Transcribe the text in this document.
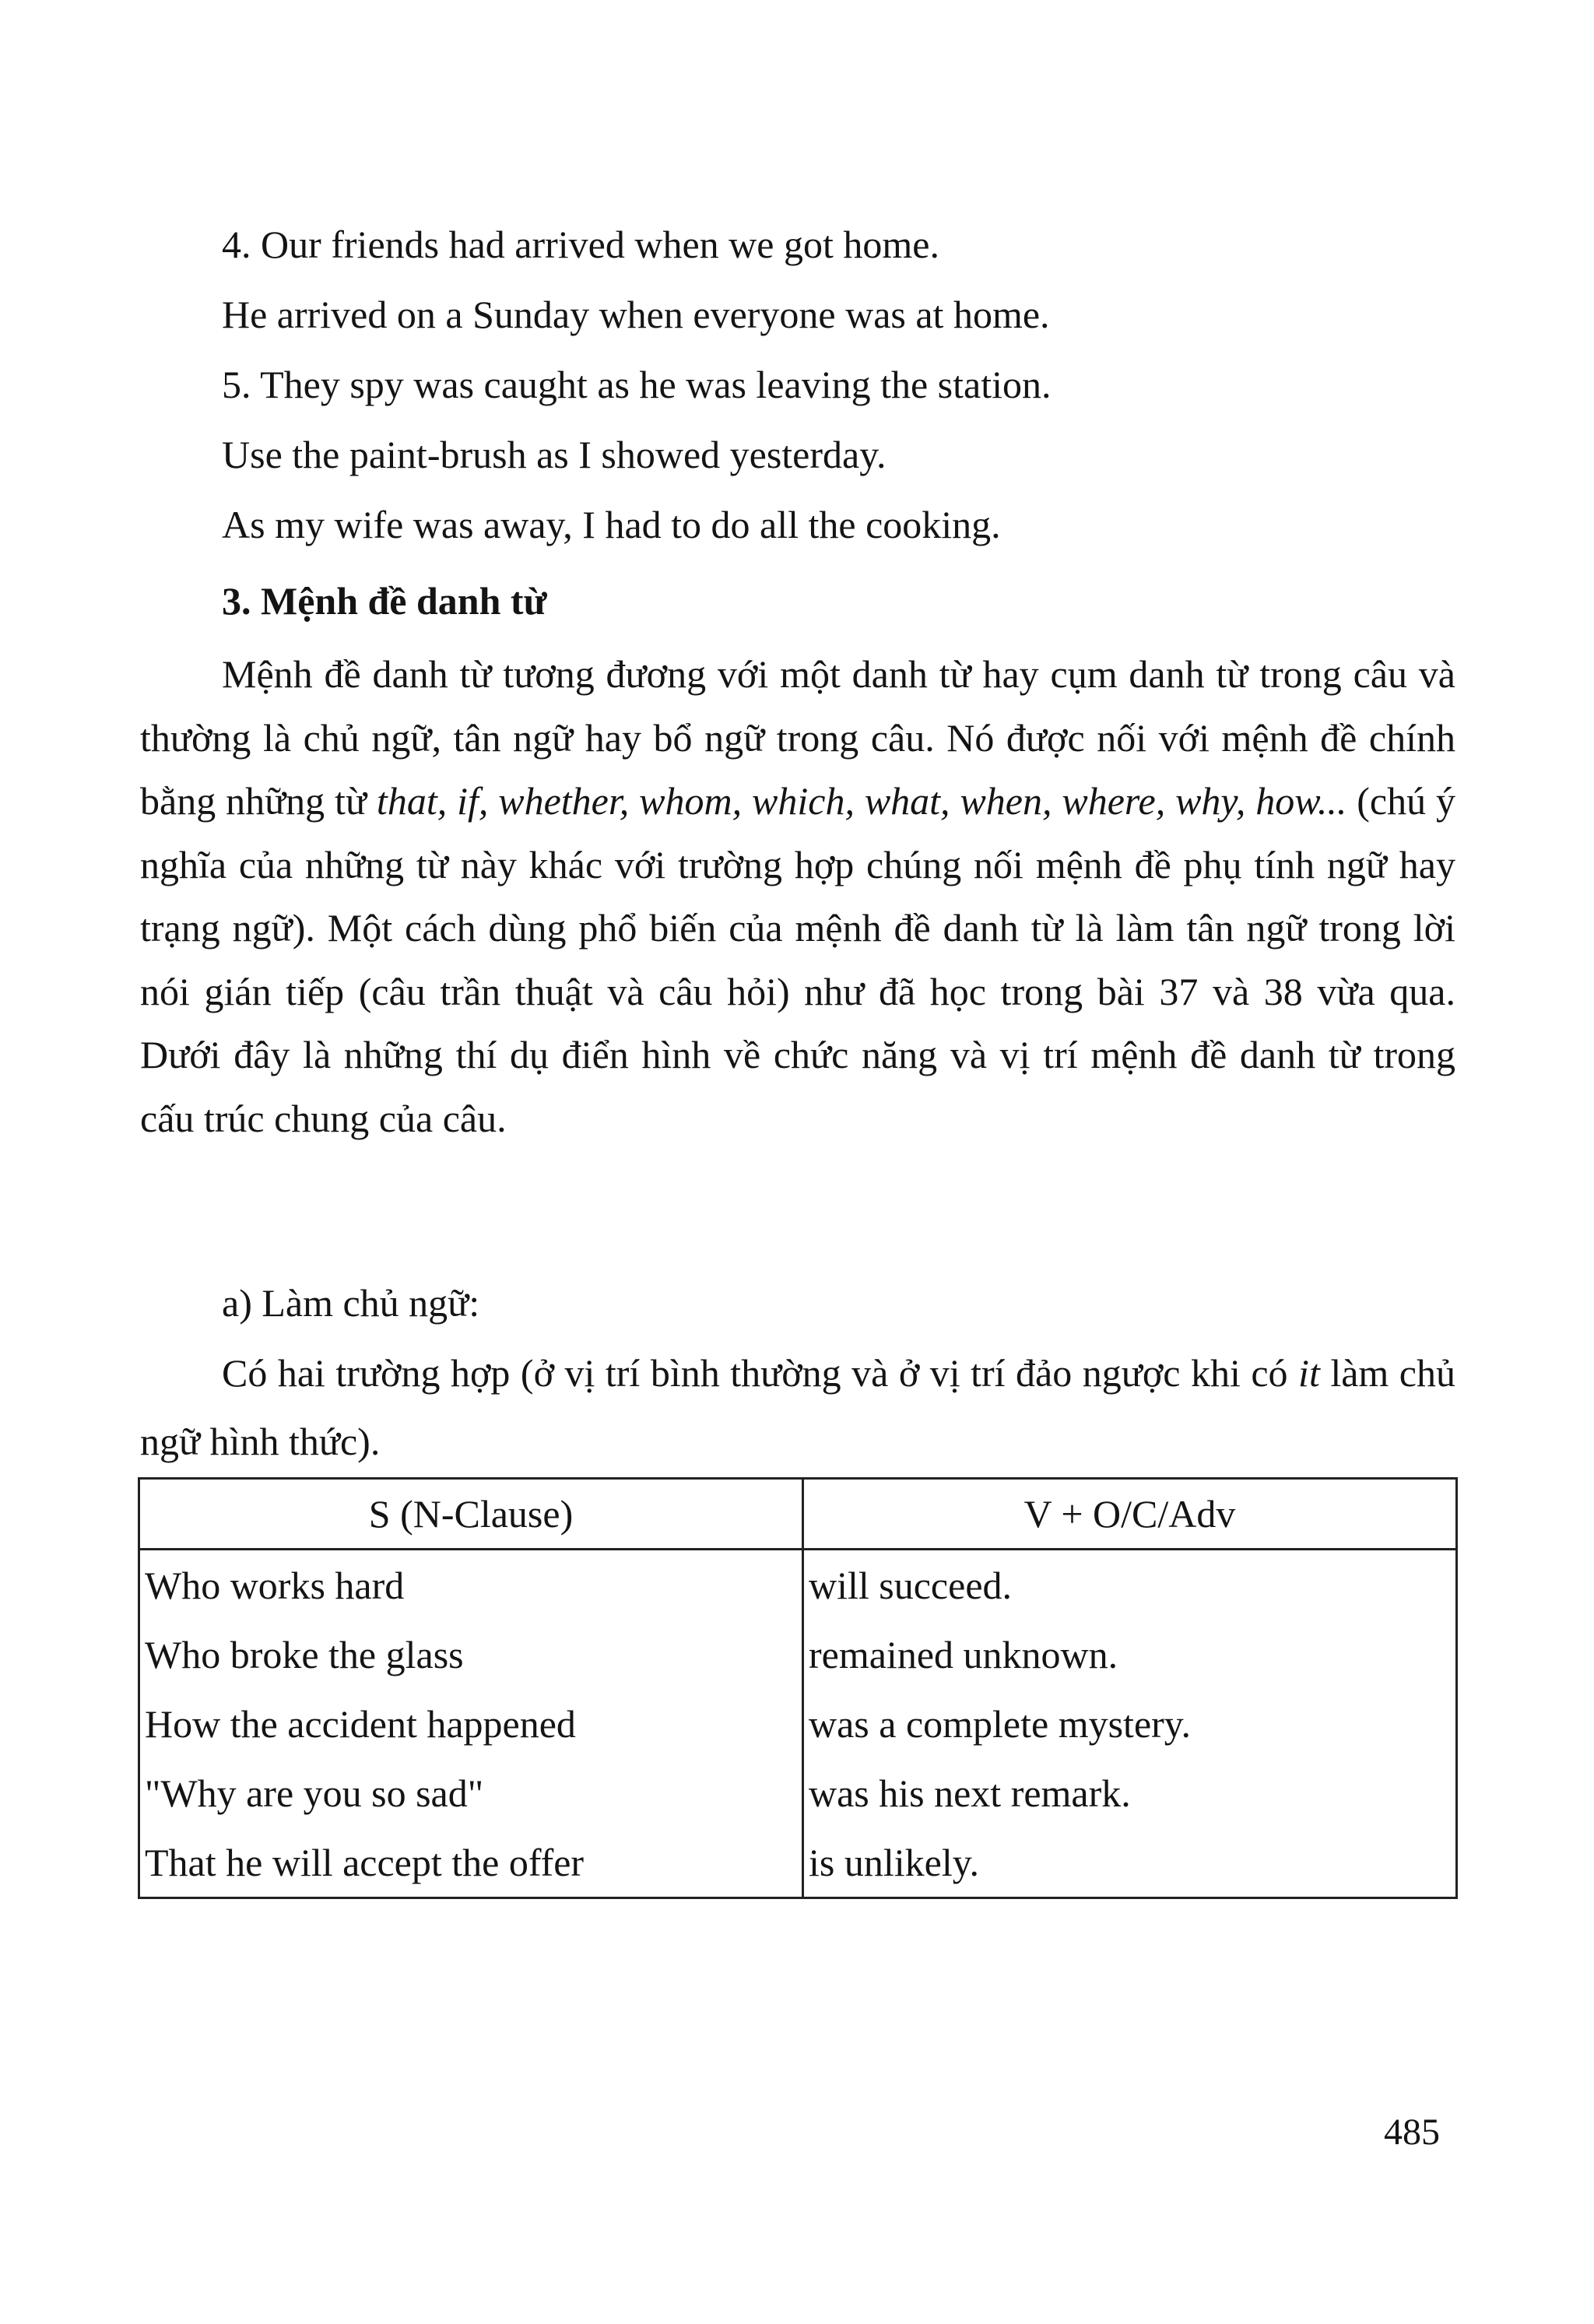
4. Our friends had arrived when we got home.

He arrived on a Sunday when everyone was at home.

5. They spy was caught as he was leaving the station.

Use the paint-brush as I showed yesterday.

As my wife was away, I had to do all the cooking.

3. Mệnh đề danh từ

Mệnh đề danh từ tương đương với một danh từ hay cụm danh từ trong câu và thường là chủ ngữ, tân ngữ hay bổ ngữ trong câu. Nó được nối với mệnh đề chính bằng những từ that, if, whether, whom, which, what, when, where, why, how... (chú ý nghĩa của những từ này khác với trường hợp chúng nối mệnh đề phụ tính ngữ hay trạng ngữ). Một cách dùng phổ biến của mệnh đề danh từ là làm tân ngữ trong lời nói gián tiếp (câu trần thuật và câu hỏi) như đã học trong bài 37 và 38 vừa qua. Dưới đây là những thí dụ điển hình về chức năng và vị trí mệnh đề danh từ trong cấu trúc chung của câu.

a) Làm chủ ngữ:

Có hai trường hợp (ở vị trí bình thường và ở vị trí đảo ngược khi có it làm chủ ngữ hình thức).

S (N-Clause)	V + O/C/Adv
Who works hard	will succeed.
Who broke the glass	remained unknown.
How the accident happened	was a complete mystery.
"Why are you so sad"	was his next remark.
That he will accept the offer	is unlikely.

485
